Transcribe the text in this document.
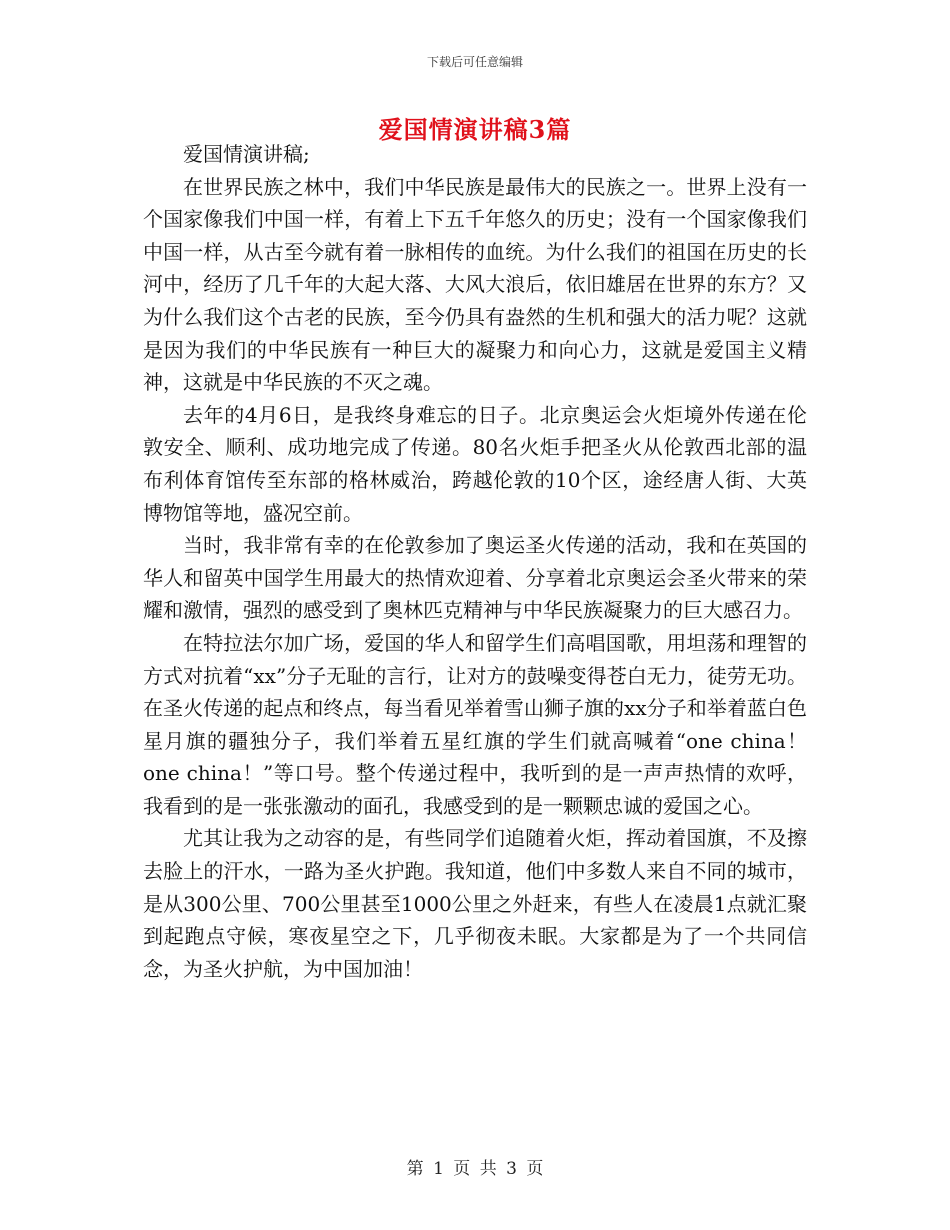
下载后可任意编辑
爱国情演讲稿3篇

爱国情演讲稿;

在世界民族之林中，我们中华民族是最伟大的民族之一。世界上没有一个国家像我们中国一样，有着上下五千年悠久的历史；没有一个国家像我们中国一样，从古至今就有着一脉相传的血统。为什么我们的祖国在历史的长河中，经历了几千年的大起大落、大风大浪后，依旧雄居在世界的东方？又为什么我们这个古老的民族，至今仍具有盎然的生机和强大的活力呢？这就是因为我们的中华民族有一种巨大的凝聚力和向心力，这就是爱国主义精神，这就是中华民族的不灭之魂。

去年的4月6日，是我终身难忘的日子。北京奥运会火炬境外传递在伦敦安全、顺利、成功地完成了传递。80名火炬手把圣火从伦敦西北部的温布利体育馆传至东部的格林威治，跨越伦敦的10个区，途经唐人街、大英博物馆等地，盛况空前。

当时，我非常有幸的在伦敦参加了奥运圣火传递的活动，我和在英国的华人和留英中国学生用最大的热情欢迎着、分享着北京奥运会圣火带来的荣耀和激情，强烈的感受到了奥林匹克精神与中华民族凝聚力的巨大感召力。

在特拉法尔加广场，爱国的华人和留学生们高唱国歌，用坦荡和理智的方式对抗着“xx”分子无耻的言行，让对方的鼓噪变得苍白无力，徒劳无功。在圣火传递的起点和终点，每当看见举着雪山狮子旗的xx分子和举着蓝白色星月旗的疆独分子，我们举着五星红旗的学生们就高喊着“one china！one china！”等口号。整个传递过程中，我听到的是一声声热情的欢呼，我看到的是一张张激动的面孔，我感受到的是一颗颗忠诚的爱国之心。

尤其让我为之动容的是，有些同学们追随着火炬，挥动着国旗，不及擦去脸上的汗水，一路为圣火护跑。我知道，他们中多数人来自不同的城市，是从300公里、700公里甚至1000公里之外赶来，有些人在凌晨1点就汇聚到起跑点守候，寒夜星空之下，几乎彻夜未眠。大家都是为了一个共同信念，为圣火护航，为中国加油！

第 1 页 共 3 页
